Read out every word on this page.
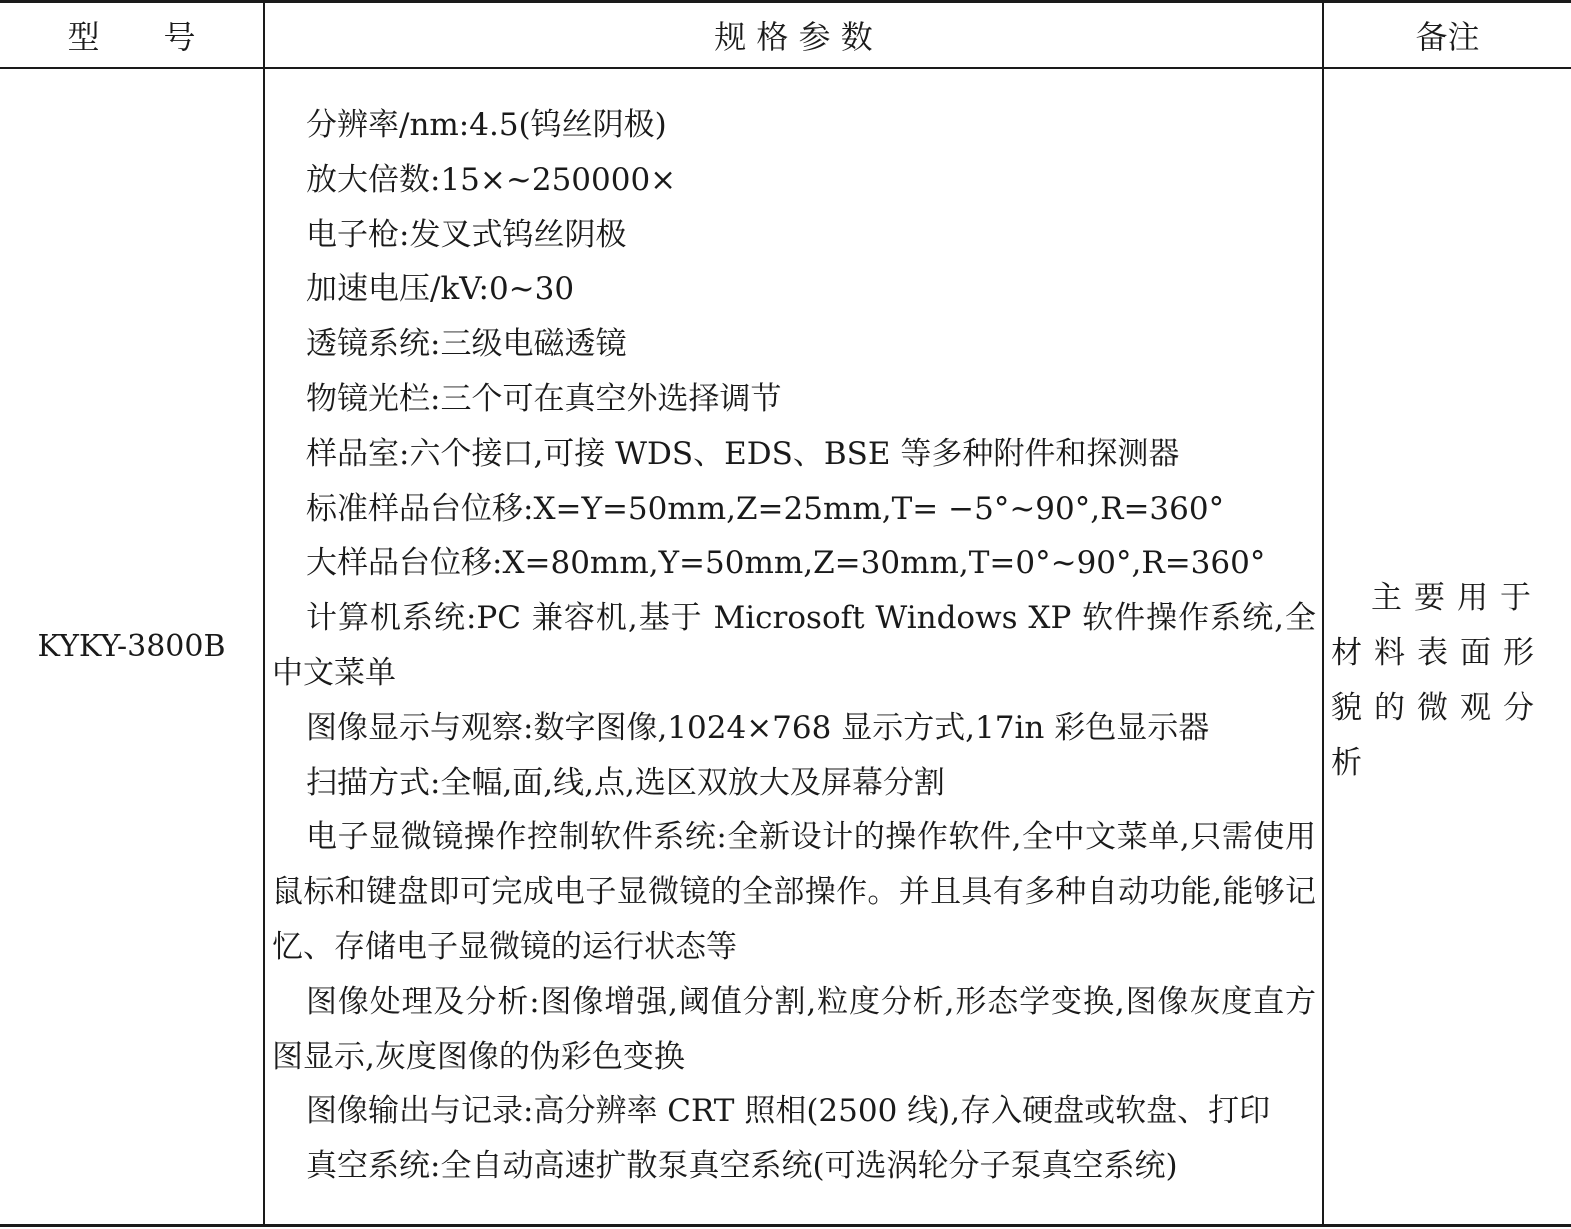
型　　号	规 格 参 数	备注
KYKY-3800B

分辨率/nm:4.5(钨丝阴极)

放大倍数:15×~250000×

电子枪:发叉式钨丝阴极

加速电压/kV:0~30

透镜系统:三级电磁透镜

物镜光栏:三个可在真空外选择调节

样品室:六个接口,可接 WDS、EDS、BSE 等多种附件和探测器

标准样品台位移:X=Y=50mm,Z=25mm,T= −5°~90°,R=360°

大样品台位移:X=80mm,Y=50mm,Z=30mm,T=0°~90°,R=360°

计算机系统:PC 兼容机,基于 Microsoft Windows XP 软件操作系统,全中文菜单

图像显示与观察:数字图像,1024×768 显示方式,17in 彩色显示器

扫描方式:全幅,面,线,点,选区双放大及屏幕分割

电子显微镜操作控制软件系统:全新设计的操作软件,全中文菜单,只需使用鼠标和键盘即可完成电子显微镜的全部操作。并且具有多种自动功能,能够记忆、存储电子显微镜的运行状态等

图像处理及分析:图像增强,阈值分割,粒度分析,形态学变换,图像灰度直方图显示,灰度图像的伪彩色变换

图像输出与记录:高分辨率 CRT 照相(2500 线),存入硬盘或软盘、打印

真空系统:全自动高速扩散泵真空系统(可选涡轮分子泵真空系统)

主要用于材料表面形貌的微观分析
